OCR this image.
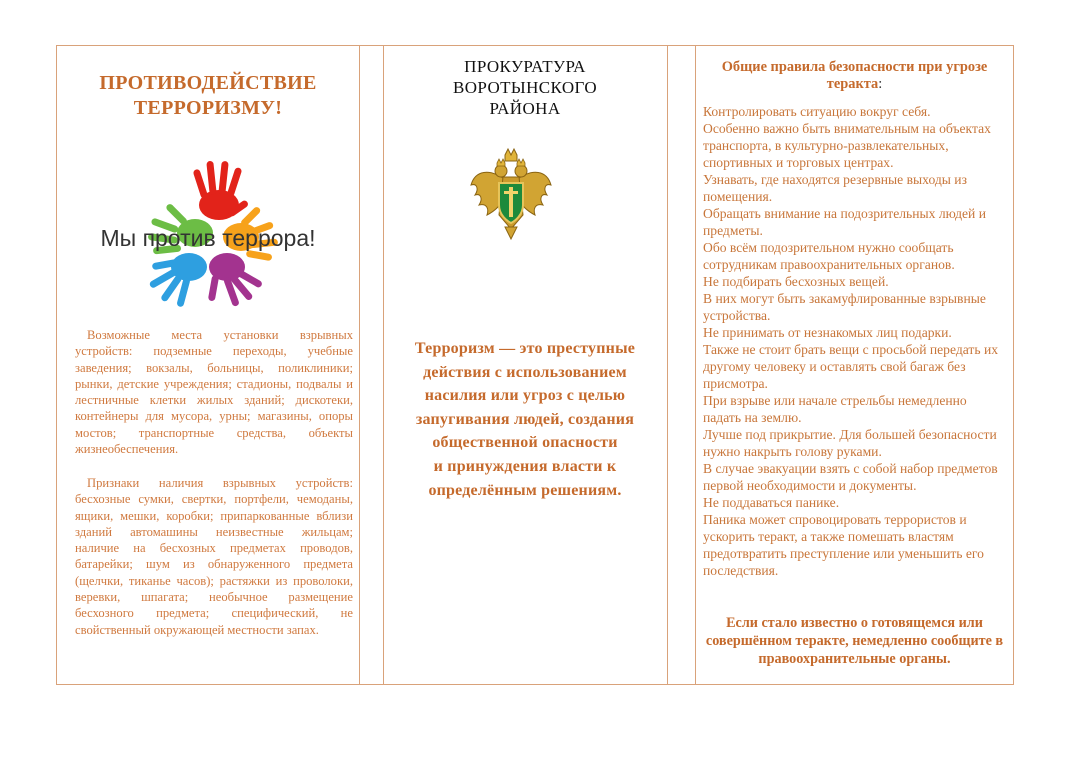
ПРОТИВОДЕЙСТВИЕ
ТЕРРОРИЗМУ!
Мы против террора!
Возможные места установки взрывных устройств: подземные переходы, учебные заведения; вокзалы, больницы, поликлиники; рынки, детские учреждения; стадионы, подвалы и лестничные клетки жилых зданий; дискотеки, контейнеры для мусора, урны; магазины, опоры мостов; транспортные средства, объекты жизнеобеспечения.
Признаки наличия взрывных устройств: бесхозные сумки, свертки, портфели, чемоданы, ящики, мешки, коробки; припаркованные вблизи зданий автомашины неизвестные жильцам; наличие на бесхозных предметах проводов, батарейки; шум из обнаруженного предмета (щелчки, тиканье часов); растяжки из проволоки, веревки, шпагата; необычное размещение бесхозного предмета; специфический, не свойственный окружающей местности запах.
ПРОКУРАТУРА
ВОРОТЫНСКОГО
РАЙОНА
Терроризм — это преступные
действия с использованием
насилия или угроз с целью
запугивания людей, создания
общественной опасности
и принуждения власти к
определённым решениям.
Общие правила безопасности при угрозе теракта:
Контролировать ситуацию вокруг себя.
Особенно важно быть внимательным на объектах транспорта, в культурно-развлекательных, спортивных и торговых центрах.
Узнавать, где находятся резервные выходы из помещения.
Обращать внимание на подозрительных людей и предметы.
Обо всём подозрительном нужно сообщать сотрудникам правоохранительных органов.
Не подбирать бесхозных вещей.
В них могут быть закамуфлированные взрывные устройства.
Не принимать от незнакомых лиц подарки.
Также не стоит брать вещи с просьбой передать их другому человеку и оставлять свой багаж без присмотра.
При взрыве или начале стрельбы немедленно падать на землю.
Лучше под прикрытие. Для большей безопасности нужно накрыть голову руками.
В случае эвакуации взять с собой набор предметов первой необходимости и документы.
Не поддаваться панике.
Паника может спровоцировать террористов и ускорить теракт, а также помешать властям предотвратить преступление или уменьшить его последствия.
Если стало известно о готовящемся или совершённом теракте, немедленно сообщите в правоохранительные органы.
